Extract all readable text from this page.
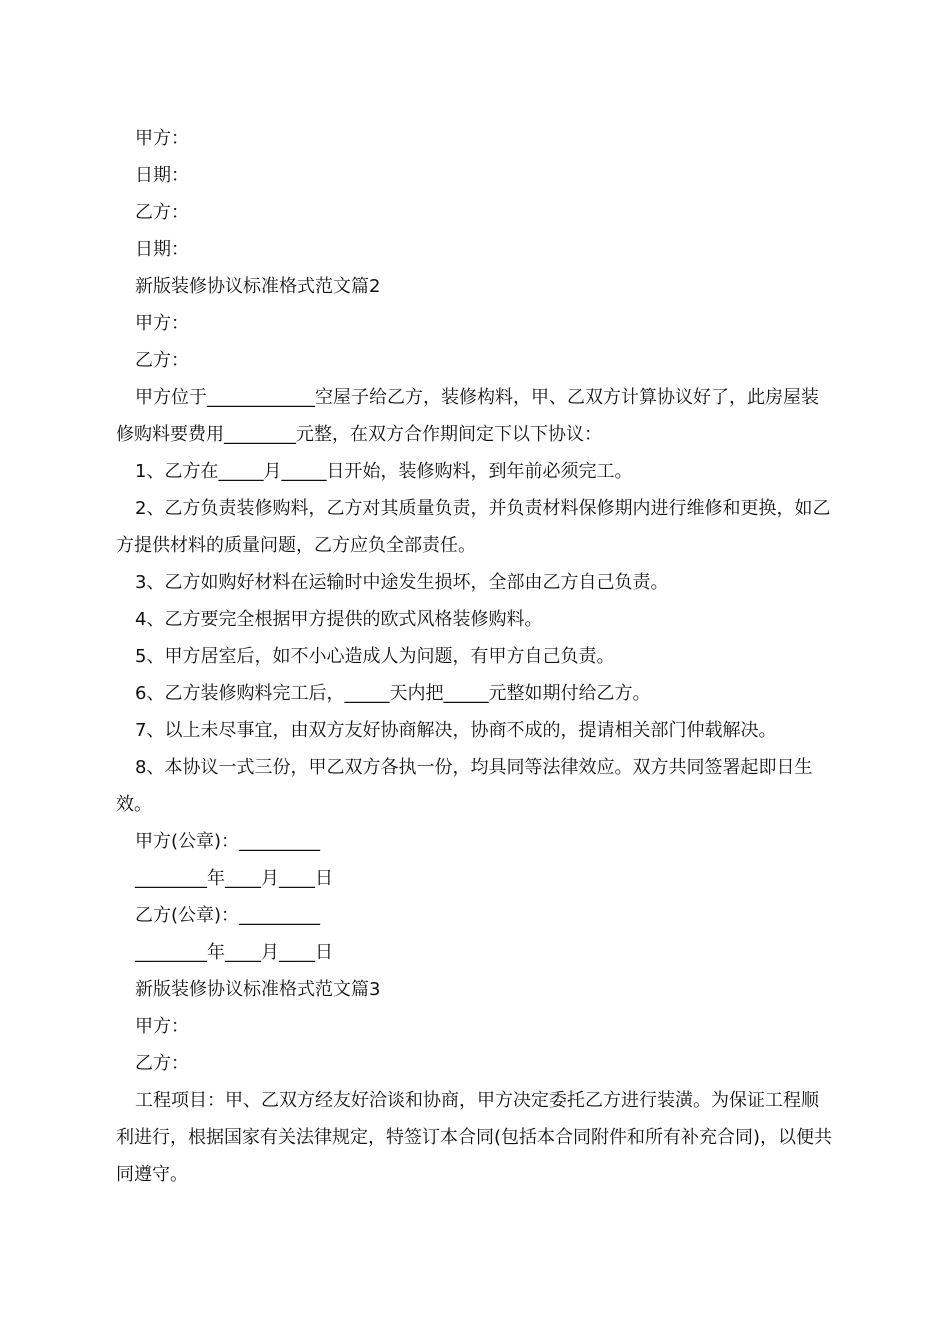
甲方：

日期：

乙方：

日期：

新版装修协议标准格式范文篇2

甲方：

乙方：

甲方位于____________空屋子给乙方，装修构料，甲、乙双方计算协议好了，此房屋装修购料要费用________元整，在双方合作期间定下以下协议：

1、乙方在_____月_____日开始，装修购料，到年前必须完工。

2、乙方负责装修购料，乙方对其质量负责，并负责材料保修期内进行维修和更换，如乙方提供材料的质量问题，乙方应负全部责任。

3、乙方如购好材料在运输时中途发生损坏，全部由乙方自己负责。

4、乙方要完全根据甲方提供的欧式风格装修购料。

5、甲方居室后，如不小心造成人为问题，有甲方自己负责。

6、乙方装修购料完工后，_____天内把_____元整如期付给乙方。

7、以上未尽事宜，由双方友好协商解决，协商不成的，提请相关部门仲载解决。

8、本协议一式三份，甲乙双方各执一份，均具同等法律效应。双方共同签署起即日生效。

甲方(公章)：_________

________年____月____日

乙方(公章)：_________

________年____月____日

新版装修协议标准格式范文篇3

甲方：

乙方：

工程项目：甲、乙双方经友好洽谈和协商，甲方决定委托乙方进行装潢。为保证工程顺利进行，根据国家有关法律规定，特签订本合同(包括本合同附件和所有补充合同)，以便共同遵守。
